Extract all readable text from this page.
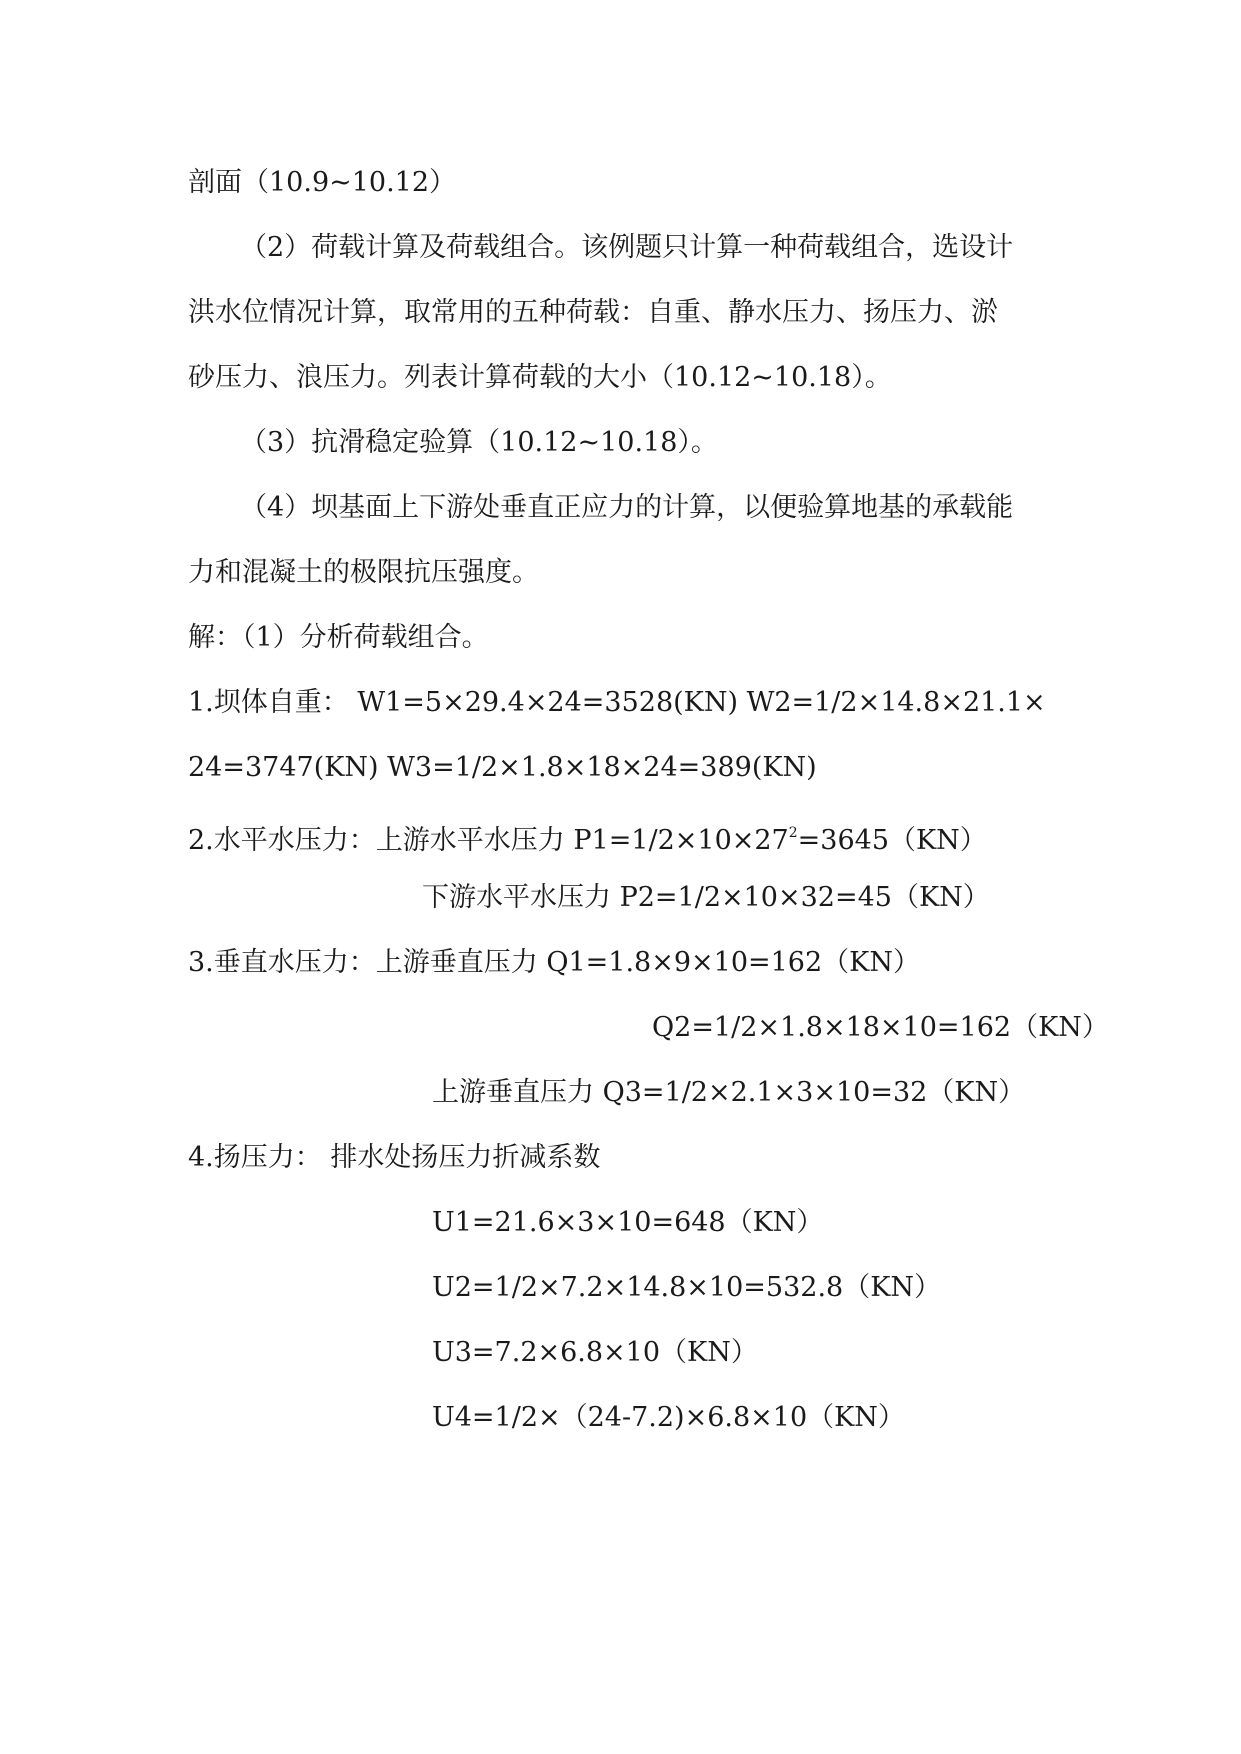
剖面（10.9~10.12）
（2）荷载计算及荷载组合。该例题只计算一种荷载组合，选设计
洪水位情况计算，取常用的五种荷载：自重、静水压力、扬压力、淤
砂压力、浪压力。列表计算荷载的大小（10.12~10.18）。
（3）抗滑稳定验算（10.12~10.18）。
（4）坝基面上下游处垂直正应力的计算，以便验算地基的承载能
力和混凝土的极限抗压强度。
解：（1）分析荷载组合。
1.坝体自重： W1=5×29.4×24=3528(KN) W2=1/2×14.8×21.1×
24=3747(KN) W3=1/2×1.8×18×24=389(KN)
2.水平水压力：上游水平水压力 $P1=1/2\times 10\times 27^2=3645(KN)$
下游水平水压力 P2=1/2×10×32=45（KN）
3.垂直水压力：上游垂直压力 Q1=1.8×9×10=162（KN）
Q2=1/2×1.8×18×10=162（KN）
上游垂直压力 Q3=1/2×2.1×3×10=32（KN）
4.扬压力： 排水处扬压力折减系数
U1=21.6×3×10=648（KN）
U2=1/2×7.2×14.8×10=532.8（KN）
U3=7.2×6.8×10（KN）
U4=1/2×（24-7.2)×6.8×10（KN）
